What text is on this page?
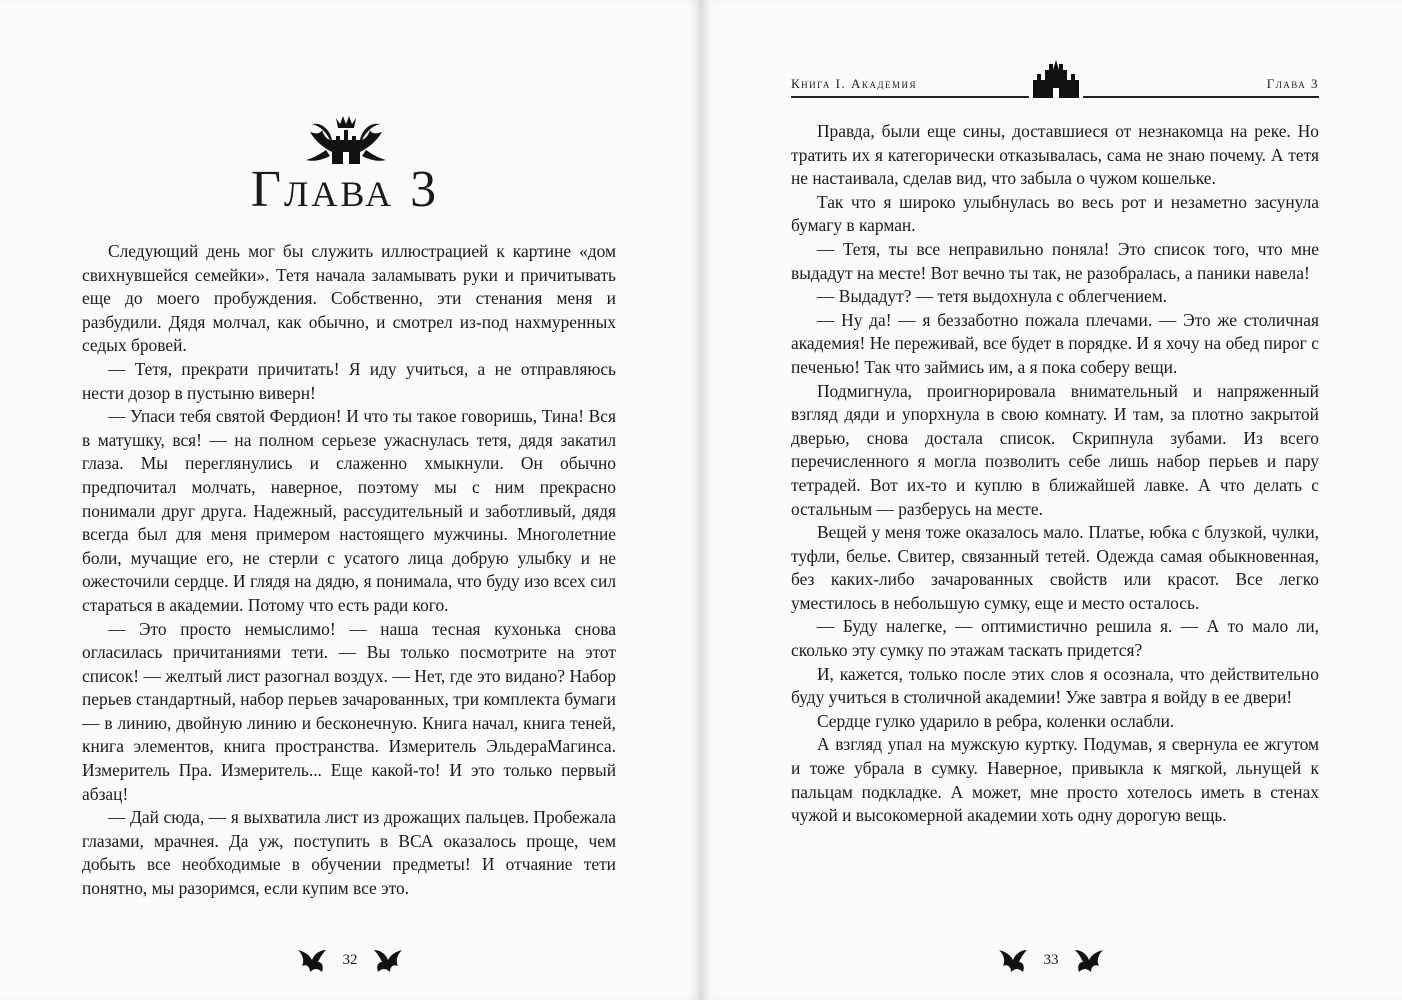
Глава 3

Следующий день мог бы служить иллюстрацией к картине «дом свихнувшейся семейки». Тетя начала заламывать руки и причитывать еще до моего пробуждения. Собственно, эти стенания меня и разбудили. Дядя молчал, как обычно, и смотрел из-под нахмуренных седых бровей.

— Тетя, прекрати причитать! Я иду учиться, а не отправляюсь нести дозор в пустыню виверн!

— Упаси тебя святой Фердион! И что ты такое говоришь, Тина! Вся в матушку, вся! — на полном серьезе ужаснулась тетя, дядя закатил глаза. Мы переглянулись и слаженно хмыкнули. Он обычно предпочитал молчать, наверное, поэтому мы с ним прекрасно понимали друг друга. Надежный, рассудительный и заботливый, дядя всегда был для меня примером настоящего мужчины. Многолетние боли, мучащие его, не стерли с усатого лица добрую улыбку и не ожесточили сердце. И глядя на дядю, я понимала, что буду изо всех сил стараться в академии. Потому что есть ради кого.

— Это просто немыслимо! — наша тесная кухонька снова огласилась причитаниями тети. — Вы только посмотрите на этот список! — желтый лист разогнал воздух. — Нет, где это видано? Набор перьев стандартный, набор перьев зачарованных, три комплекта бумаги — в линию, двойную линию и бесконечную. Книга начал, книга теней, книга элементов, книга пространства. Измеритель ЭльдераМагинса. Измеритель Пра. Измеритель... Еще какой-то! И это только первый абзац!

— Дай сюда, — я выхватила лист из дрожащих пальцев. Пробежала глазами, мрачнея. Да уж, поступить в ВСА оказалось проще, чем добыть все необходимые в обучении предметы! И отчаяние тети понятно, мы разоримся, если купим все это.

32
Книга I. Академия	Глава 3

Правда, были еще сины, доставшиеся от незнакомца на реке. Но тратить их я категорически отказывалась, сама не знаю почему. А тетя не настаивала, сделав вид, что забыла о чужом кошельке.

Так что я широко улыбнулась во весь рот и незаметно засунула бумагу в карман.

— Тетя, ты все неправильно поняла! Это список того, что мне выдадут на месте! Вот вечно ты так, не разобралась, а паники навела!

— Выдадут? — тетя выдохнула с облегчением.

— Ну да! — я беззаботно пожала плечами. — Это же столичная академия! Не переживай, все будет в порядке. И я хочу на обед пирог с печенью! Так что займись им, а я пока соберу вещи.

Подмигнула, проигнорировала внимательный и напряженный взгляд дяди и упорхнула в свою комнату. И там, за плотно закрытой дверью, снова достала список. Скрипнула зубами. Из всего перечисленного я могла позволить себе лишь набор перьев и пару тетрадей. Вот их-то и куплю в ближайшей лавке. А что делать с остальным — разберусь на месте.

Вещей у меня тоже оказалось мало. Платье, юбка с блузкой, чулки, туфли, белье. Свитер, связанный тетей. Одежда самая обыкновенная, без каких-либо зачарованных свойств или красот. Все легко уместилось в небольшую сумку, еще и место осталось.

— Буду налегке, — оптимистично решила я. — А то мало ли, сколько эту сумку по этажам таскать придется?

И, кажется, только после этих слов я осознала, что действительно буду учиться в столичной академии! Уже завтра я войду в ее двери!

Сердце гулко ударило в ребра, коленки ослабли.

А взгляд упал на мужскую куртку. Подумав, я свернула ее жгутом и тоже убрала в сумку. Наверное, привыкла к мягкой, льнущей к пальцам подкладке. А может, мне просто хотелось иметь в стенах чужой и высокомерной академии хоть одну дорогую вещь.

33
